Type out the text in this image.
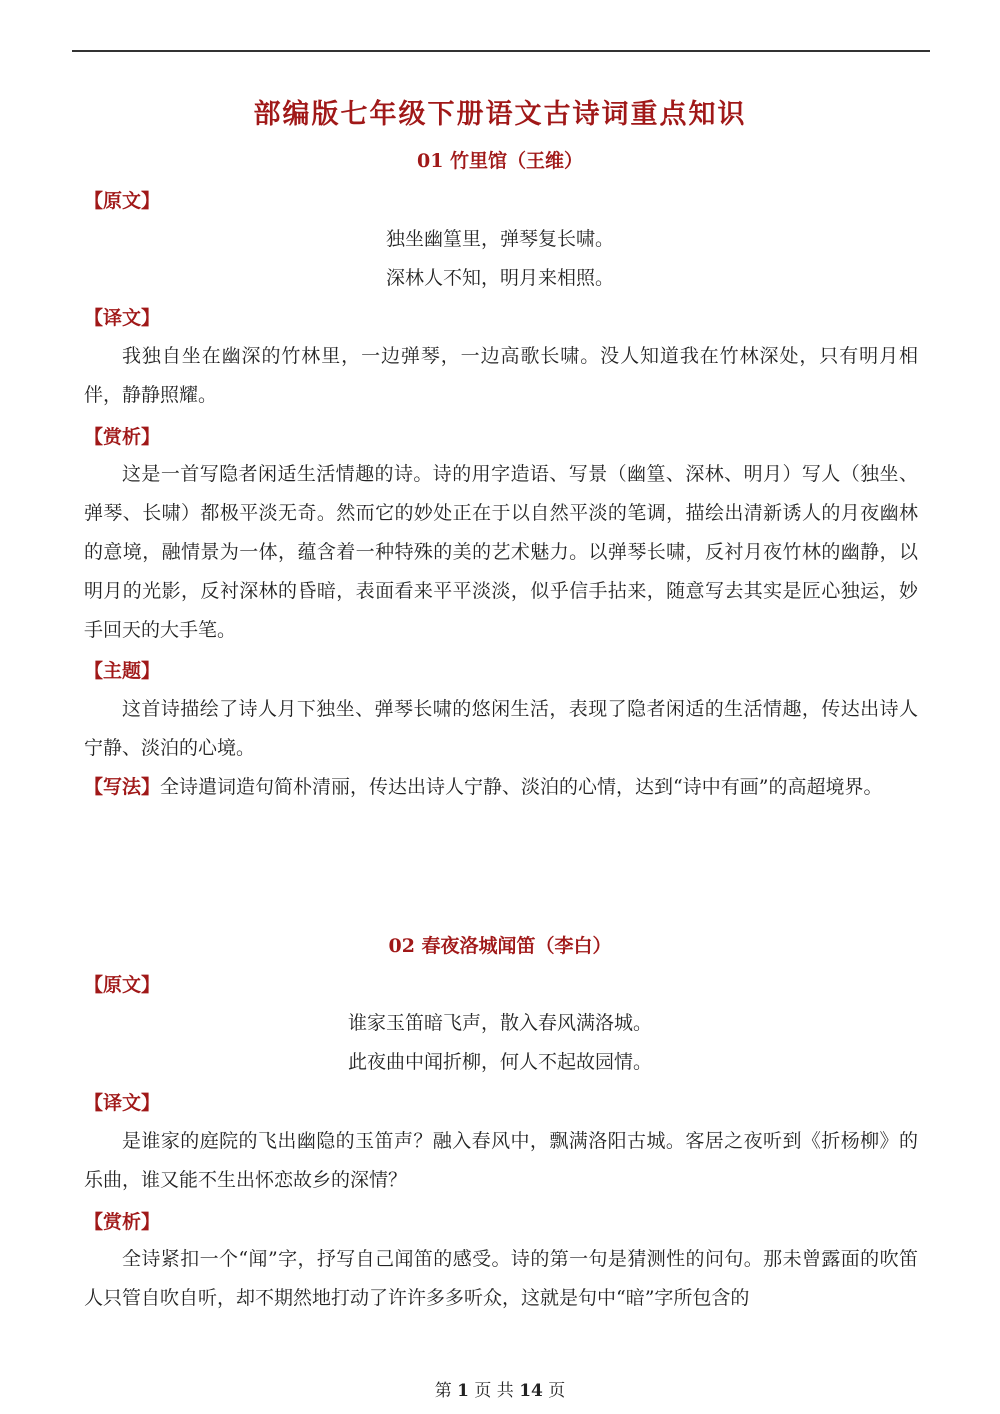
部编版七年级下册语文古诗词重点知识
01 竹里馆（王维）
【原文】

独坐幽篁里，弹琴复长啸。

深林人不知，明月来相照。

【译文】

我独自坐在幽深的竹林里，一边弹琴，一边高歌长啸。没人知道我在竹林深处，只有明月相伴，静静照耀。

【赏析】

这是一首写隐者闲适生活情趣的诗。诗的用字造语、写景（幽篁、深林、明月）写人（独坐、弹琴、长啸）都极平淡无奇。然而它的妙处正在于以自然平淡的笔调，描绘出清新诱人的月夜幽林的意境，融情景为一体，蕴含着一种特殊的美的艺术魅力。以弹琴长啸，反衬月夜竹林的幽静，以明月的光影，反衬深林的昏暗，表面看来平平淡淡，似乎信手拈来，随意写去其实是匠心独运，妙手回天的大手笔。

【主题】

这首诗描绘了诗人月下独坐、弹琴长啸的悠闲生活，表现了隐者闲适的生活情趣，传达出诗人宁静、淡泊的心境。

【写法】全诗遣词造句简朴清丽，传达出诗人宁静、淡泊的心情，达到“诗中有画”的高超境界。

02 春夜洛城闻笛（李白）
【原文】

谁家玉笛暗飞声，散入春风满洛城。

此夜曲中闻折柳，何人不起故园情。

【译文】

是谁家的庭院的飞出幽隐的玉笛声？融入春风中，飘满洛阳古城。客居之夜听到《折杨柳》的乐曲，谁又能不生出怀恋故乡的深情？

【赏析】

全诗紧扣一个“闻”字，抒写自己闻笛的感受。诗的第一句是猜测性的问句。那未曾露面的吹笛人只管自吹自听，却不期然地打动了许许多多听众，这就是句中“暗”字所包含的

第 1 页 共 14 页
